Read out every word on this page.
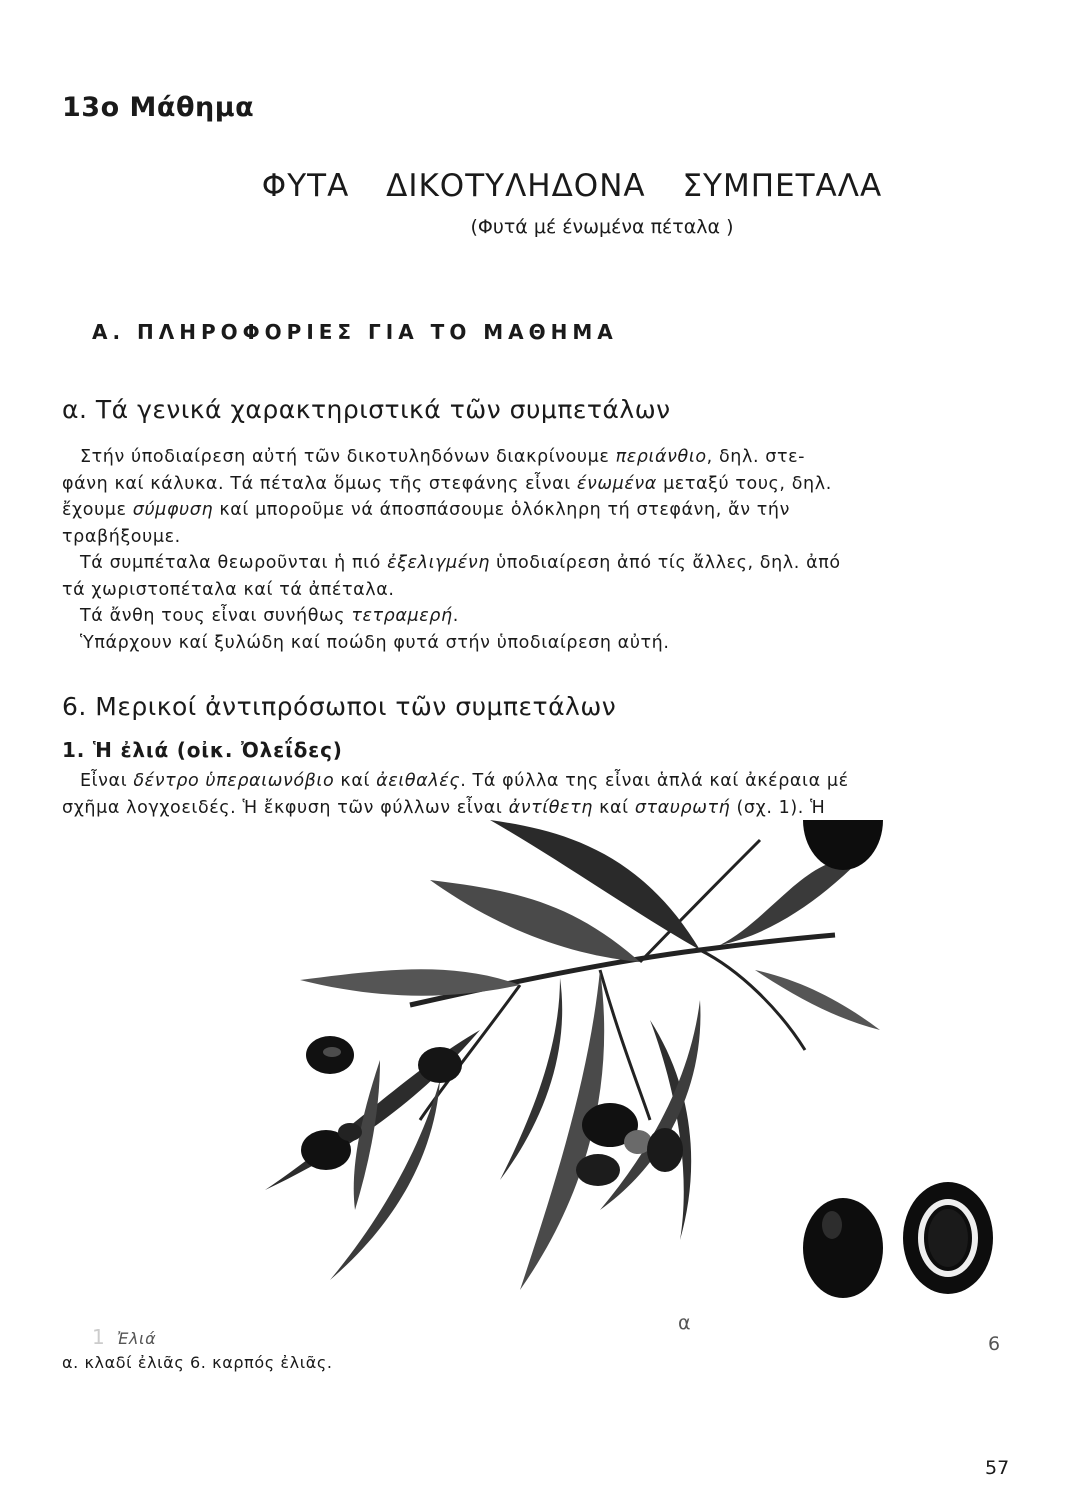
13ο Μάθημα
ΦΥΤΑ ΔΙΚΟΤΥΛΗΔΟΝΑ ΣΥΜΠΕΤΑΛΑ
(Φυτά μέ ένωμένα πέταλα )
Α. ΠΛΗΡΟΦΟΡΙΕΣ ΓΙΑ ΤΟ ΜΑΘΗΜΑ
α. Τά γενικά χαρακτηριστικά τῶν συμπετάλων
Στήν ύποδιαίρεση αὐτή τῶν δικοτυληδόνων διακρίνουμε περιάνθιο, δηλ. στε-
φάνη καί κάλυκα. Τά πέταλα ὅμως τῆς στεφάνης εἶναι ένωμένα μεταξύ τους, δηλ.
ἔχουμε σύμφυση καί μποροῦμε νά άποσπάσουμε ὁλόκληρη τή στεφάνη, ἄν τήν
τραβήξουμε.
Τά συμπέταλα θεωροῦνται ἡ πιό ἐξελιγμένη ὑποδιαίρεση ἀπό τίς ἄλλες, δηλ. ἀπό
τά χωριστοπέταλα καί τά ἀπέταλα.
Τά ἄνθη τους εἶναι συνήθως τετραμερή.
Ὑπάρχουν καί ξυλώδη καί ποώδη φυτά στήν ὑποδιαίρεση αὐτή.
6. Μερικοί ἀντιπρόσωποι τῶν συμπετάλων
1. Ἡ ἐλιά (οἰκ. Ὀλεΐδες)
Εἶναι δέντρο ὑπεραιωνόβιο καί ἀειθαλές. Τά φύλλα της εἶναι ἁπλά καί ἀκέραια μέ
σχῆμα λογχοειδές. Ἡ ἔκφυση τῶν φύλλων εἶναι ἀντίθετη καί σταυρωτή (σχ. 1). Ἡ
1 Ἐλιά
α. κλαδί ἐλιᾶς 6. καρπός ἐλιᾶς.
α
6
57
